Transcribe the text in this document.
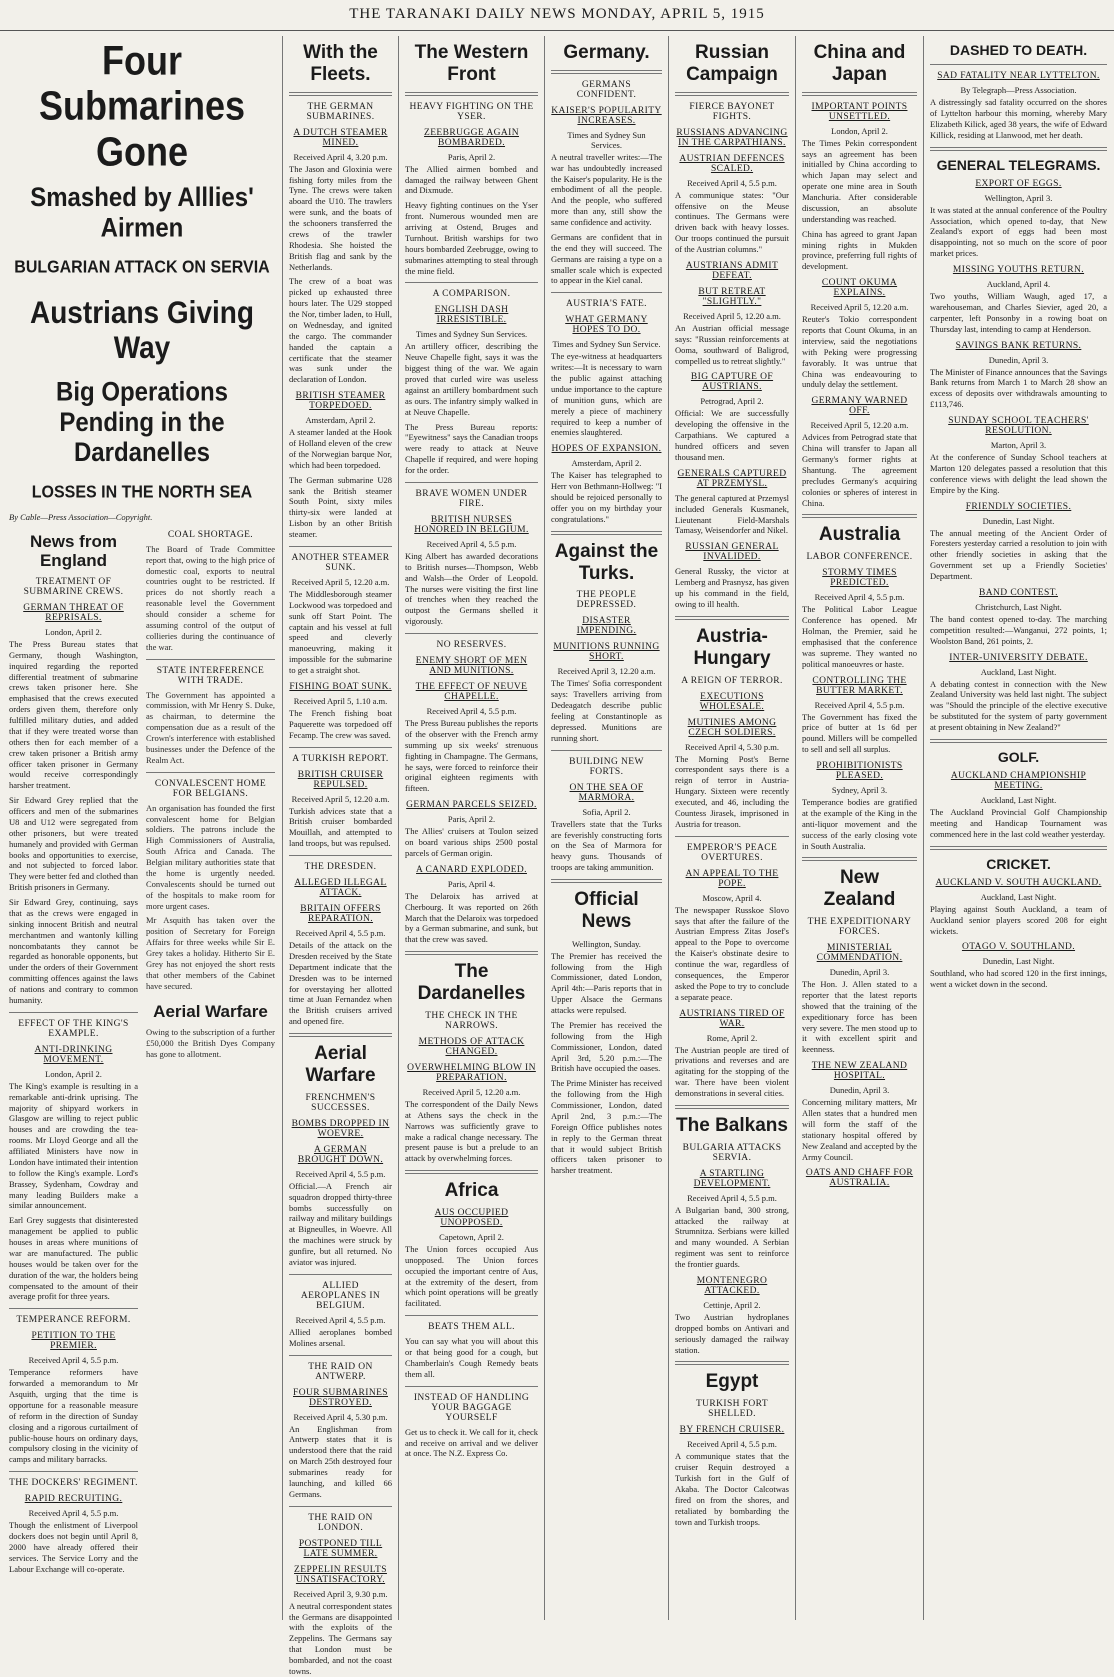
THE TARANAKI DAILY NEWS MONDAY, APRIL 5, 1915
Four Submarines Gone
Smashed by Alllies' Airmen
BULGARIAN ATTACK ON SERVIA
Austrians Giving Way
Big Operations Pending in the Dardanelles
LOSSES IN THE NORTH SEA
By Cable—Press Association—Copyright.
News from England
TREATMENT OF SUBMARINE CREWS.
GERMAN THREAT OF REPRISALS.
London, April 2.

The Press Bureau states that Germany, though Washington, inquired regarding the reported differential treatment of submarine crews taken prisoner here. She emphasised that the crews executed orders given them, therefore only fulfilled military duties, and added that if they were treated worse than others then for each member of a crew taken prisoner a British army officer taken prisoner in Germany would receive correspondingly harsher treatment.

Sir Edward Grey replied that the officers and men of the submarines U8 and U12 were segregated from other prisoners, but were treated humanely and provided with German books and opportunities to exercise, and not subjected to forced labor. They were better fed and clothed than British prisoners in Germany.

Sir Edward Grey, continuing, says that as the crews were engaged in sinking innocent British and neutral merchantmen and wantonly killing noncombatants they cannot be regarded as honorable opponents, but under the orders of their Government committing offences against the laws of nations and contrary to common humanity.

EFFECT OF THE KING'S EXAMPLE.
ANTI-DRINKING MOVEMENT.
London, April 2.

The King's example is resulting in a remarkable anti-drink uprising. The majority of shipyard workers in Glasgow are willing to reject public houses and are crowding the tea-rooms. Mr Lloyd George and all the affiliated Ministers have now in London have intimated their intention to follow the King's example. Lord's Brassey, Sydenham, Cowdray and many leading Builders make a similar announcement.

Earl Grey suggests that disinterested management be applied to public houses in areas where munitions of war are manufactured. The public houses would be taken over for the duration of the war, the holders being compensated to the amount of their average profit for three years.

TEMPERANCE REFORM.
PETITION TO THE PREMIER.
Received April 4, 5.5 p.m.

Temperance reformers have forwarded a memorandum to Mr Asquith, urging that the time is opportune for a reasonable measure of reform in the direction of Sunday closing and a rigorous curtailment of public-house hours on ordinary days, compulsory closing in the vicinity of camps and military barracks.

THE DOCKERS' REGIMENT.
RAPID RECRUITING.
Received April 4, 5.5 p.m.

Though the enlistment of Liverpool dockers does not begin until April 8, 2000 have already offered their services. The Service Lorry and the Labour Exchange will co-operate.

COAL SHORTAGE.

The Board of Trade Committee report that, owing to the high price of domestic coal, exports to neutral countries ought to be restricted. If prices do not shortly reach a reasonable level the Government should consider a scheme for assuming control of the output of collieries during the continuance of the war.

STATE INTERFERENCE WITH TRADE.

The Government has appointed a commission, with Mr Henry S. Duke, as chairman, to determine the compensation due as a result of the Crown's interference with established businesses under the Defence of the Realm Act.

CONVALESCENT HOME FOR BELGIANS.

An organisation has founded the first convalescent home for Belgian soldiers. The patrons include the High Commissioners of Australia, South Africa and Canada. The Belgian military authorities state that the home is urgently needed. Convalescents should be turned out of the hospitals to make room for more urgent cases.

Mr Asquith has taken over the position of Secretary for Foreign Affairs for three weeks while Sir E. Grey takes a holiday. Hitherto Sir E. Grey has not enjoyed the short rests that other members of the Cabinet have secured.

Aerial Warfare

Owing to the subscription of a further £50,000 the British Dyes Company has gone to allotment.

With the Fleets.
THE GERMAN SUBMARINES.
A DUTCH STEAMER MINED.
Received April 4, 3.20 p.m.

The Jason and Gloxinia were fishing forty miles from the Tyne. The crews were taken aboard the U10. The trawlers were sunk, and the boats of the schooners transferred the crews of the trawler Rhodesia. She hoisted the British flag and sank by the Netherlands.

The crew of a boat was picked up exhausted three hours later. The U29 stopped the Nor, timber laden, to Hull, on Wednesday, and ignited the cargo. The commander handed the captain a certificate that the steamer was sunk under the declaration of London.

BRITISH STEAMER TORPEDOED.
Amsterdam, April 2.

A steamer landed at the Hook of Holland eleven of the crew of the Norwegian barque Nor, which had been torpedoed.

The German submarine U28 sank the British steamer South Point, sixty miles thirty-six were landed at Lisbon by an other British steamer.

ANOTHER STEAMER SUNK.
Received April 5, 12.20 a.m.

The Middlesborough steamer Lockwood was torpedoed and sunk off Start Point. The captain and his vessel at full speed and cleverly manoeuvring, making it impossible for the submarine to get a straight shot.

FISHING BOAT SUNK.
Received April 5, 1.10 a.m.

The French fishing boat Paquerette was torpedoed off Fecamp. The crew was saved.

A TURKISH REPORT.
BRITISH CRUISER REPULSED.
Received April 5, 12.20 a.m.

Turkish advices state that a British cruiser bombarded Mouillah, and attempted to land troops, but was repulsed.

THE DRESDEN.
ALLEGED ILLEGAL ATTACK.
BRITAIN OFFERS REPARATION.
Received April 4, 5.5 p.m.

Details of the attack on the Dresden received by the State Department indicate that the Dresden was to be interned for overstaying her allotted time at Juan Fernandez when the British cruisers arrived and opened fire.

Aerial Warfare
FRENCHMEN'S SUCCESSES.
BOMBS DROPPED IN WOEVRE.
A GERMAN BROUGHT DOWN.
Received April 4, 5.5 p.m.

Official.—A French air squadron dropped thirty-three bombs successfully on railway and military buildings at Bigneulles, in Woevre. All the machines were struck by gunfire, but all returned. No aviator was injured.

ALLIED AEROPLANES IN BELGIUM.
Received April 4, 5.5 p.m.

Allied aeroplanes bombed Molines arsenal.

THE RAID ON ANTWERP.
FOUR SUBMARINES DESTROYED.
Received April 4, 5.30 p.m.

An Englishman from Antwerp states that it is understood there that the raid on March 25th destroyed four submarines ready for launching, and killed 66 Germans.

THE RAID ON LONDON.
POSTPONED TILL LATE SUMMER.
ZEPPELIN RESULTS UNSATISFACTORY.
Received April 3, 9.30 p.m.

A neutral correspondent states the Germans are disappointed with the exploits of the Zeppelins. The Germans say that London must be bombarded, and not the coast towns.

The Western Front
HEAVY FIGHTING ON THE YSER.
ZEEBRUGGE AGAIN BOMBARDED.
Paris, April 2.

The Allied airmen bombed and damaged the railway between Ghent and Dixmude.

Heavy fighting continues on the Yser front. Numerous wounded men are arriving at Ostend, Bruges and Turnhout. British warships for two hours bombarded Zeebrugge, owing to submarines attempting to steal through the mine field.

A COMPARISON.
ENGLISH DASH IRRESISTIBLE.
Times and Sydney Sun Services.

An artillery officer, describing the Neuve Chapelle fight, says it was the biggest thing of the war. We again proved that curled wire was useless against an artillery bombardment such as ours. The infantry simply walked in at Neuve Chapelle.

The Press Bureau reports: "Eyewitness" says the Canadian troops were ready to attack at Neuve Chapelle if required, and were hoping for the order.

BRAVE WOMEN UNDER FIRE.
BRITISH NURSES HONORED IN BELGIUM.
Received April 4, 5.5 p.m.

King Albert has awarded decorations to British nurses—Thompson, Webb and Walsh—the Order of Leopold. The nurses were visiting the first line of trenches when they reached the outpost the Germans shelled it vigorously.

NO RESERVES.
ENEMY SHORT OF MEN AND MUNITIONS.
THE EFFECT OF NEUVE CHAPELLE.
Received April 4, 5.5 p.m.

The Press Bureau publishes the reports of the observer with the French army summing up six weeks' strenuous fighting in Champagne. The Germans, he says, were forced to reinforce their original eighteen regiments with fifteen.

GERMAN PARCELS SEIZED.
Paris, April 2.

The Allies' cruisers at Toulon seized on board various ships 2500 postal parcels of German origin.

A CANARD EXPLODED.
Paris, April 4.

The Delaroix has arrived at Cherbourg. It was reported on 26th March that the Delaroix was torpedoed by a German submarine, and sunk, but that the crew was saved.

The Dardanelles
THE CHECK IN THE NARROWS.
METHODS OF ATTACK CHANGED.
OVERWHELMING BLOW IN PREPARATION.
Received April 5, 12.20 a.m.

The correspondent of the Daily News at Athens says the check in the Narrows was sufficiently grave to make a radical change necessary. The present pause is but a prelude to an attack by overwhelming forces.

Africa
AUS OCCUPIED UNOPPOSED.
Capetown, April 2.

The Union forces occupied Aus unopposed. The Union forces occupied the important centre of Aus, at the extremity of the desert, from which point operations will be greatly facilitated.

BEATS THEM ALL.

You can say what you will about this or that being good for a cough, but Chamberlain's Cough Remedy beats them all.

INSTEAD OF HANDLING YOUR BAGGAGE YOURSELF

Get us to check it. We call for it, check and receive on arrival and we deliver at once. The N.Z. Express Co.

Germany.
GERMANS CONFIDENT.
KAISER'S POPULARITY INCREASES.
Times and Sydney Sun Services.

A neutral traveller writes:—The war has undoubtedly increased the Kaiser's popularity. He is the embodiment of all the people. And the people, who suffered more than any, still show the same confidence and activity.

Germans are confident that in the end they will succeed. The Germans are raising a type on a smaller scale which is expected to appear in the Kiel canal.

AUSTRIA'S FATE.
WHAT GERMANY HOPES TO DO.
Times and Sydney Sun Service.

The eye-witness at headquarters writes:—It is necessary to warn the public against attaching undue importance to the capture of munition guns, which are merely a piece of machinery required to keep a number of enemies slaughtered.

HOPES OF EXPANSION.
Amsterdam, April 2.

The Kaiser has telegraphed to Herr von Bethmann-Hollweg: "I should be rejoiced personally to offer you on my birthday your congratulations."

Against the Turks.
THE PEOPLE DEPRESSED.
DISASTER IMPENDING.
MUNITIONS RUNNING SHORT.
Received April 3, 12.20 a.m.

The Times' Sofia correspondent says: Travellers arriving from Dedeagatch describe public feeling at Constantinople as depressed. Munitions are running short.

BUILDING NEW FORTS.
ON THE SEA OF MARMORA.
Sofia, April 2.

Travellers state that the Turks are feverishly constructing forts on the Sea of Marmora for heavy guns. Thousands of troops are taking ammunition.

Official News
Wellington, Sunday.

The Premier has received the following from the High Commissioner, dated London, April 4th:—Paris reports that in Upper Alsace the Germans attacks were repulsed.

The Premier has received the following from the High Commissioner, London, dated April 3rd, 5.20 p.m.:—The British have occupied the oases.

The Prime Minister has received the following from the High Commissioner, London, dated April 2nd, 3 p.m.:—The Foreign Office publishes notes in reply to the German threat that it would subject British officers taken prisoner to harsher treatment.

Russian Campaign
FIERCE BAYONET FIGHTS.
RUSSIANS ADVANCING IN THE CARPATHIANS.
AUSTRIAN DEFENCES SCALED.
Received April 4, 5.5 p.m.

A communique states: "Our offensive on the Meuse continues. The Germans were driven back with heavy losses. Our troops continued the pursuit of the Austrian columns."

AUSTRIANS ADMIT DEFEAT.
BUT RETREAT "SLIGHTLY."
Received April 5, 12.20 a.m.

An Austrian official message says: "Russian reinforcements at Ooma, southward of Baligrod, compelled us to retreat slightly."

BIG CAPTURE OF AUSTRIANS.
Petrograd, April 2.

Official: We are successfully developing the offensive in the Carpathians. We captured a hundred officers and seven thousand men.

GENERALS CAPTURED AT PRZEMYSL.

The general captured at Przemysl included Generals Kusmanek, Lieutenant Field-Marshals Tamasy, Weisendorfer and Nikel.

RUSSIAN GENERAL INVALIDED.

General Russky, the victor at Lemberg and Prasnysz, has given up his command in the field, owing to ill health.

Austria-Hungary
A REIGN OF TERROR.
EXECUTIONS WHOLESALE.
MUTINIES AMONG CZECH SOLDIERS.
Received April 4, 5.30 p.m.

The Morning Post's Berne correspondent says there is a reign of terror in Austria-Hungary. Sixteen were recently executed, and 46, including the Countess Jirasek, imprisoned in Austria for treason.

EMPEROR'S PEACE OVERTURES.
AN APPEAL TO THE POPE.
Moscow, April 4.

The newspaper Russkoe Slovo says that after the failure of the Austrian Empress Zitas Josef's appeal to the Pope to overcome the Kaiser's obstinate desire to continue the war, regardless of consequences, the Emperor asked the Pope to try to conclude a separate peace.

AUSTRIANS TIRED OF WAR.
Rome, April 2.

The Austrian people are tired of privations and reverses and are agitating for the stopping of the war. There have been violent demonstrations in several cities.

The Balkans
BULGARIA ATTACKS SERVIA.
A STARTLING DEVELOPMENT.
Received April 4, 5.5 p.m.

A Bulgarian band, 300 strong, attacked the railway at Strumnitza. Serbians were killed and many wounded. A Serbian regiment was sent to reinforce the frontier guards.

MONTENEGRO ATTACKED.
Cettinje, April 2.

Two Austrian hydroplanes dropped bombs on Antivari and seriously damaged the railway station.

Egypt
TURKISH FORT SHELLED.
BY FRENCH CRUISER.
Received April 4, 5.5 p.m.

A communique states that the cruiser Requin destroyed a Turkish fort in the Gulf of Akaba. The Doctor Calcotwas fired on from the shores, and retaliated by bombarding the town and Turkish troops.

China and Japan
IMPORTANT POINTS UNSETTLED.
London, April 2.

The Times Pekin correspondent says an agreement has been initialled by China according to which Japan may select and operate one mine area in South Manchuria. After considerable discussion, an absolute understanding was reached.

China has agreed to grant Japan mining rights in Mukden province, preferring full rights of development.

COUNT OKUMA EXPLAINS.
Received April 5, 12.20 a.m.

Reuter's Tokio correspondent reports that Count Okuma, in an interview, said the negotiations with Peking were progressing favorably. It was untrue that China was endeavouring to unduly delay the settlement.

GERMANY WARNED OFF.
Received April 5, 12.20 a.m.

Advices from Petrograd state that China will transfer to Japan all Germany's former rights at Shantung. The agreement precludes Germany's acquiring colonies or spheres of interest in China.

Australia
LABOR CONFERENCE.
STORMY TIMES PREDICTED.
Received April 4, 5.5 p.m.

The Political Labor League Conference has opened. Mr Holman, the Premier, said he emphasised that the conference was supreme. They wanted no political manoeuvres or haste.

CONTROLLING THE BUTTER MARKET.
Received April 4, 5.5 p.m.

The Government has fixed the price of butter at 1s 6d per pound. Millers will be compelled to sell and sell all surplus.

PROHIBITIONISTS PLEASED.
Sydney, April 3.

Temperance bodies are gratified at the example of the King in the anti-liquor movement and the success of the early closing vote in South Australia.

New Zealand
THE EXPEDITIONARY FORCES.
MINISTERIAL COMMENDATION.
Dunedin, April 3.

The Hon. J. Allen stated to a reporter that the latest reports showed that the training of the expeditionary force has been very severe. The men stood up to it with excellent spirit and keenness.

THE NEW ZEALAND HOSPITAL.
Dunedin, April 3.

Concerning military matters, Mr Allen states that a hundred men will form the staff of the stationary hospital offered by New Zealand and accepted by the Army Council.

OATS AND CHAFF FOR AUSTRALIA.
DASHED TO DEATH.
SAD FATALITY NEAR LYTTELTON.
By Telegraph—Press Association.

A distressingly sad fatality occurred on the shores of Lyttelton harbour this morning, whereby Mary Elizabeth Kilick, aged 38 years, the wife of Edward Killick, residing at Llanwood, met her death.

GENERAL TELEGRAMS.
EXPORT OF EGGS.
Wellington, April 3.

It was stated at the annual conference of the Poultry Association, which opened to-day, that New Zealand's export of eggs had been most disappointing, not so much on the score of poor market prices.

MISSING YOUTHS RETURN.
Auckland, April 4.

Two youths, William Waugh, aged 17, a warehouseman, and Charles Sievier, aged 20, a carpenter, left Ponsonby in a rowing boat on Thursday last, intending to camp at Henderson.

SAVINGS BANK RETURNS.
Dunedin, April 3.

The Minister of Finance announces that the Savings Bank returns from March 1 to March 28 show an excess of deposits over withdrawals amounting to £113,746.

SUNDAY SCHOOL TEACHERS' RESOLUTION.
Marton, April 3.

At the conference of Sunday School teachers at Marton 120 delegates passed a resolution that this conference views with delight the lead shown the Empire by the King.

FRIENDLY SOCIETIES.
Dunedin, Last Night.

The annual meeting of the Ancient Order of Foresters yesterday carried a resolution to join with other friendly societies in asking that the Government set up a Friendly Societies' Department.

BAND CONTEST.
Christchurch, Last Night.

The band contest opened to-day. The marching competition resulted:—Wanganui, 272 points, 1; Woolston Band, 261 points, 2.

INTER-UNIVERSITY DEBATE.
Auckland, Last Night.

A debating contest in connection with the New Zealand University was held last night. The subject was "Should the principle of the elective executive be substituted for the system of party government at present obtaining in New Zealand?"

GOLF.
AUCKLAND CHAMPIONSHIP MEETING.
Auckland, Last Night.

The Auckland Provincial Golf Championship meeting and Handicap Tournament was commenced here in the last cold weather yesterday.

CRICKET.
AUCKLAND V. SOUTH AUCKLAND.
Auckland, Last Night.

Playing against South Auckland, a team of Auckland senior players scored 208 for eight wickets.

OTAGO V. SOUTHLAND.
Dunedin, Last Night.

Southland, who had scored 120 in the first innings, went a wicket down in the second.
